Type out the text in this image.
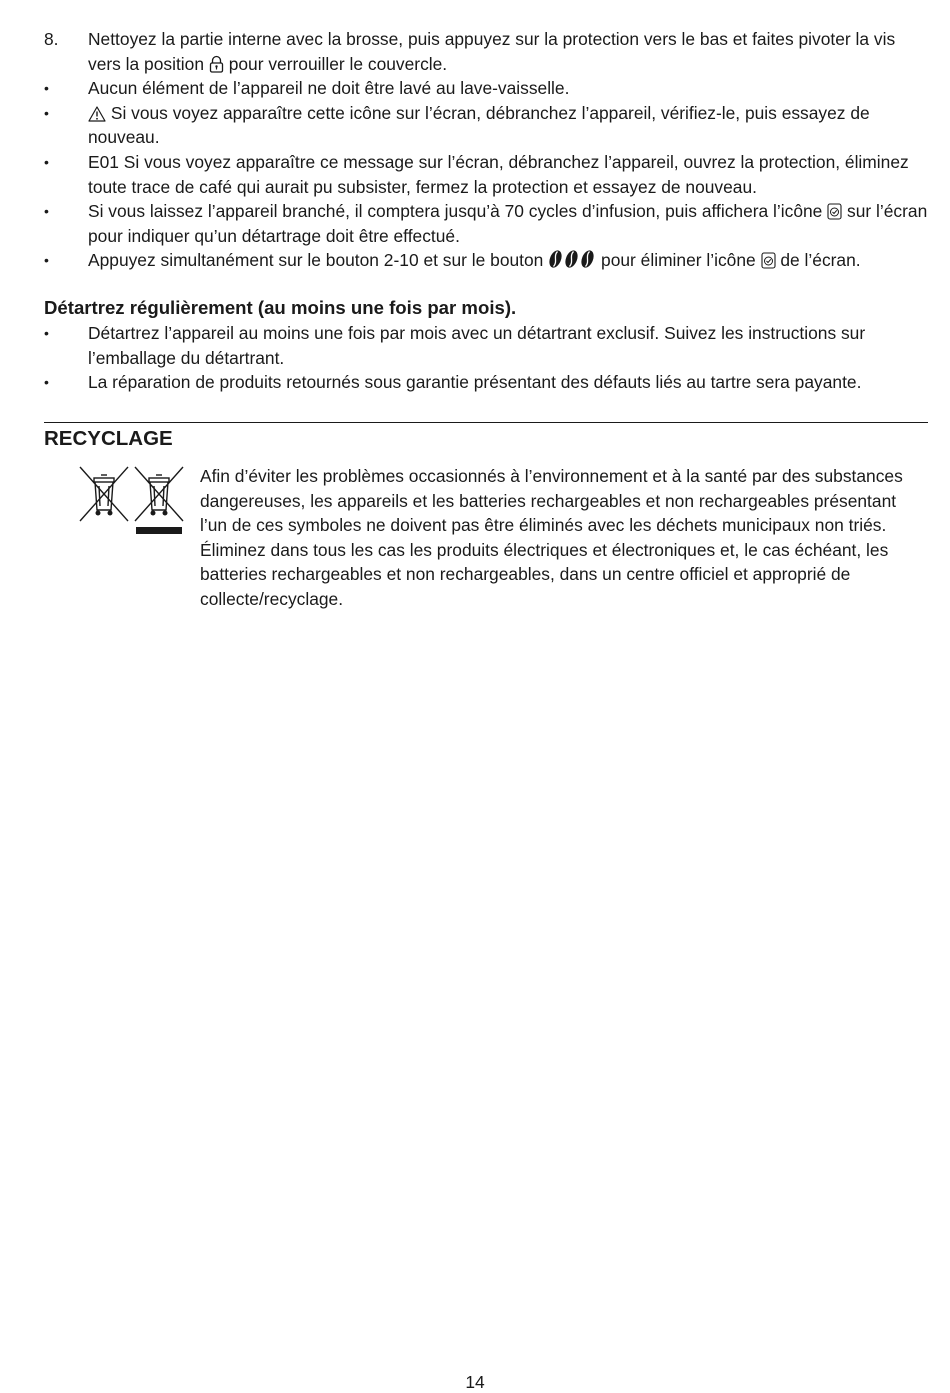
8.	Nettoyez la partie interne avec la brosse, puis appuyez sur la protection vers le bas et faites pivoter la vis vers la position pour verrouiller le couvercle.
•	Aucun élément de l’appareil ne doit être lavé au lave-vaisselle.
•	Si vous voyez apparaître cette icône sur l’écran, débranchez l’appareil, vérifiez-le, puis essayez de nouveau.
•	E01 Si vous voyez apparaître ce message sur l’écran, débranchez l’appareil, ouvrez la protection, éliminez toute trace de café qui aurait pu subsister, fermez la protection et essayez de nouveau.
•	Si vous laissez l’appareil branché, il comptera jusqu’à 70 cycles d’infusion, puis affichera l’icône sur l’écran pour indiquer qu’un détartrage doit être effectué.
•	Appuyez simultanément sur le bouton 2-10 et sur le bouton	pour éliminer l’icône de l’écran.
Détartrez régulièrement (au moins une fois par mois).
•	Détartrez l’appareil au moins une fois par mois avec un détartrant exclusif. Suivez les instructions sur l’emballage du détartrant.
•	La réparation de produits retournés sous garantie présentant des défauts liés au tartre sera payante.
RECYCLAGE

Afin d’éviter les problèmes occasionnés à l’environnement et à la santé par des substances dangereuses, les appareils et les batteries rechargeables et non rechargeables présentant l’un de ces symboles ne doivent pas être éliminés avec les déchets municipaux non triés. Éliminez dans tous les cas les produits électriques et électroniques et, le cas échéant, les batteries rechargeables et non rechargeables, dans un centre officiel et approprié de collecte/recyclage.

14
